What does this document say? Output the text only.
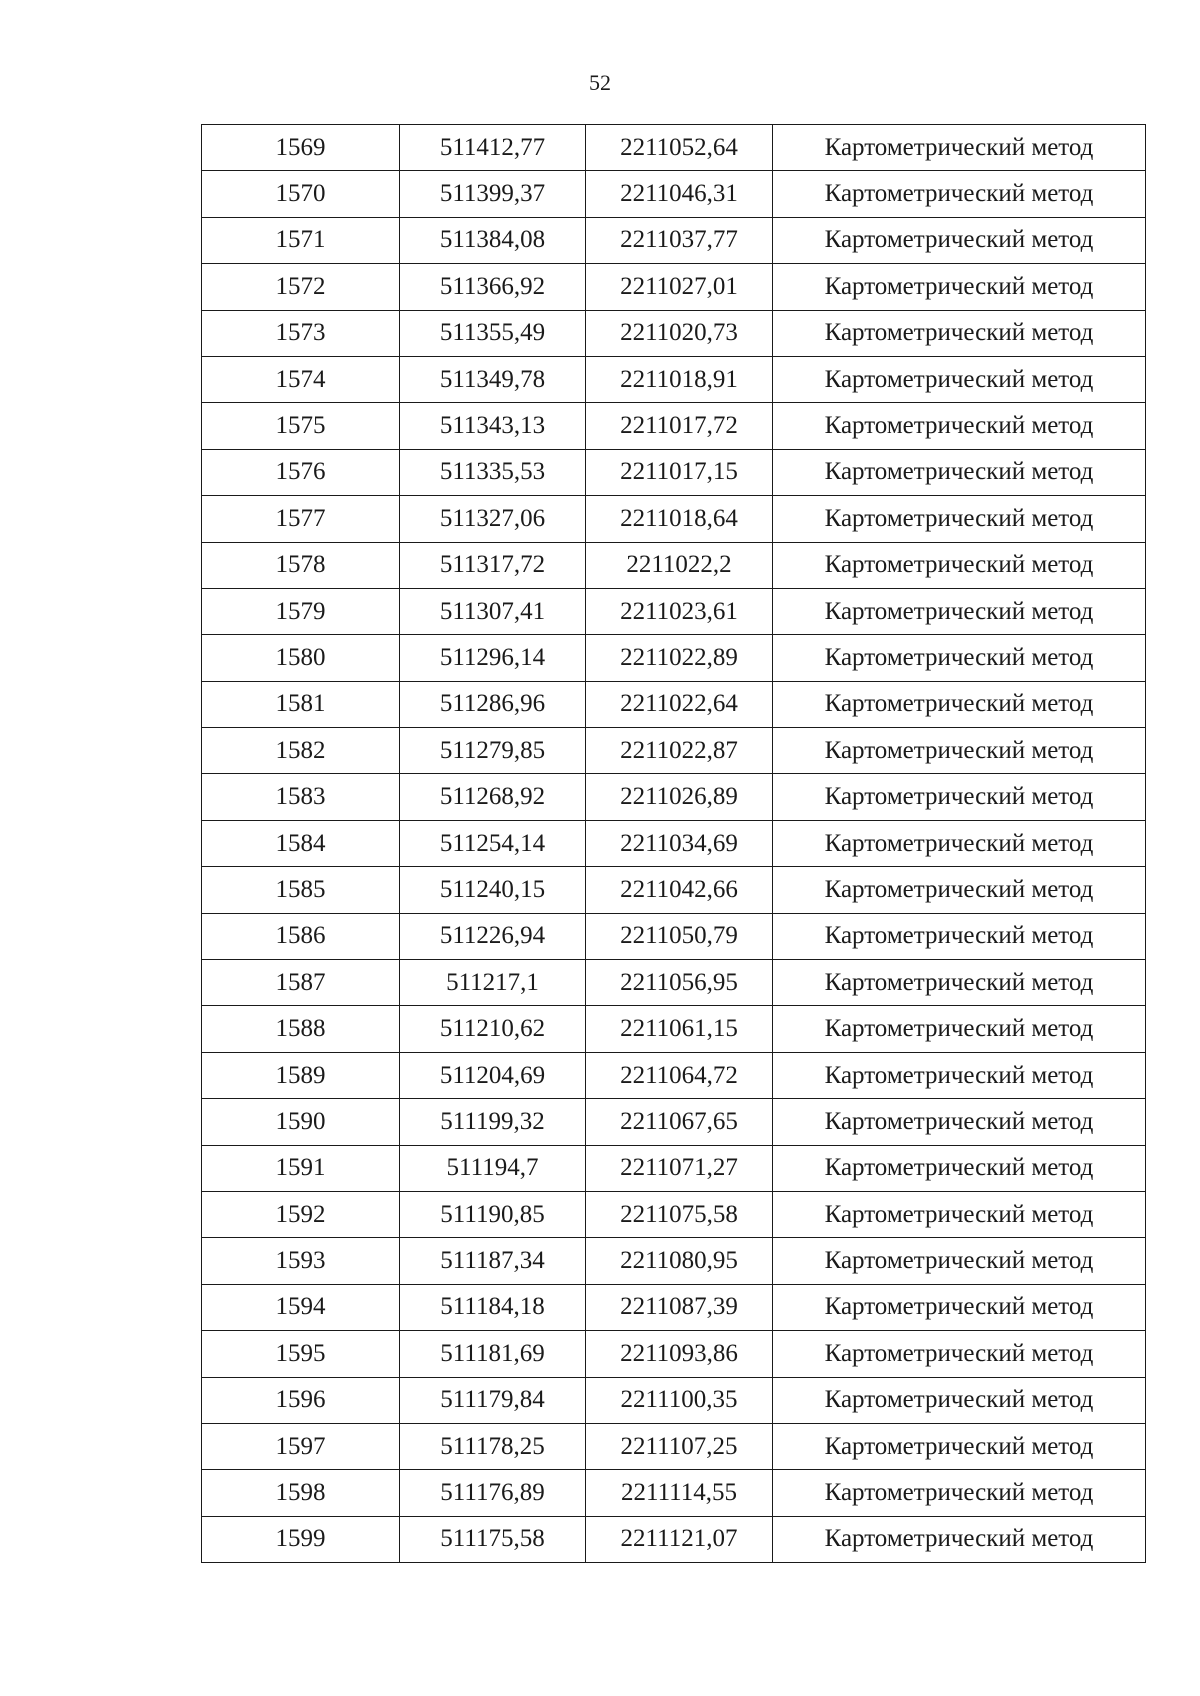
52
1569	511412,77	2211052,64	Картометрический метод
1570	511399,37	2211046,31	Картометрический метод
1571	511384,08	2211037,77	Картометрический метод
1572	511366,92	2211027,01	Картометрический метод
1573	511355,49	2211020,73	Картометрический метод
1574	511349,78	2211018,91	Картометрический метод
1575	511343,13	2211017,72	Картометрический метод
1576	511335,53	2211017,15	Картометрический метод
1577	511327,06	2211018,64	Картометрический метод
1578	511317,72	2211022,2	Картометрический метод
1579	511307,41	2211023,61	Картометрический метод
1580	511296,14	2211022,89	Картометрический метод
1581	511286,96	2211022,64	Картометрический метод
1582	511279,85	2211022,87	Картометрический метод
1583	511268,92	2211026,89	Картометрический метод
1584	511254,14	2211034,69	Картометрический метод
1585	511240,15	2211042,66	Картометрический метод
1586	511226,94	2211050,79	Картометрический метод
1587	511217,1	2211056,95	Картометрический метод
1588	511210,62	2211061,15	Картометрический метод
1589	511204,69	2211064,72	Картометрический метод
1590	511199,32	2211067,65	Картометрический метод
1591	511194,7	2211071,27	Картометрический метод
1592	511190,85	2211075,58	Картометрический метод
1593	511187,34	2211080,95	Картометрический метод
1594	511184,18	2211087,39	Картометрический метод
1595	511181,69	2211093,86	Картометрический метод
1596	511179,84	2211100,35	Картометрический метод
1597	511178,25	2211107,25	Картометрический метод
1598	511176,89	2211114,55	Картометрический метод
1599	511175,58	2211121,07	Картометрический метод
